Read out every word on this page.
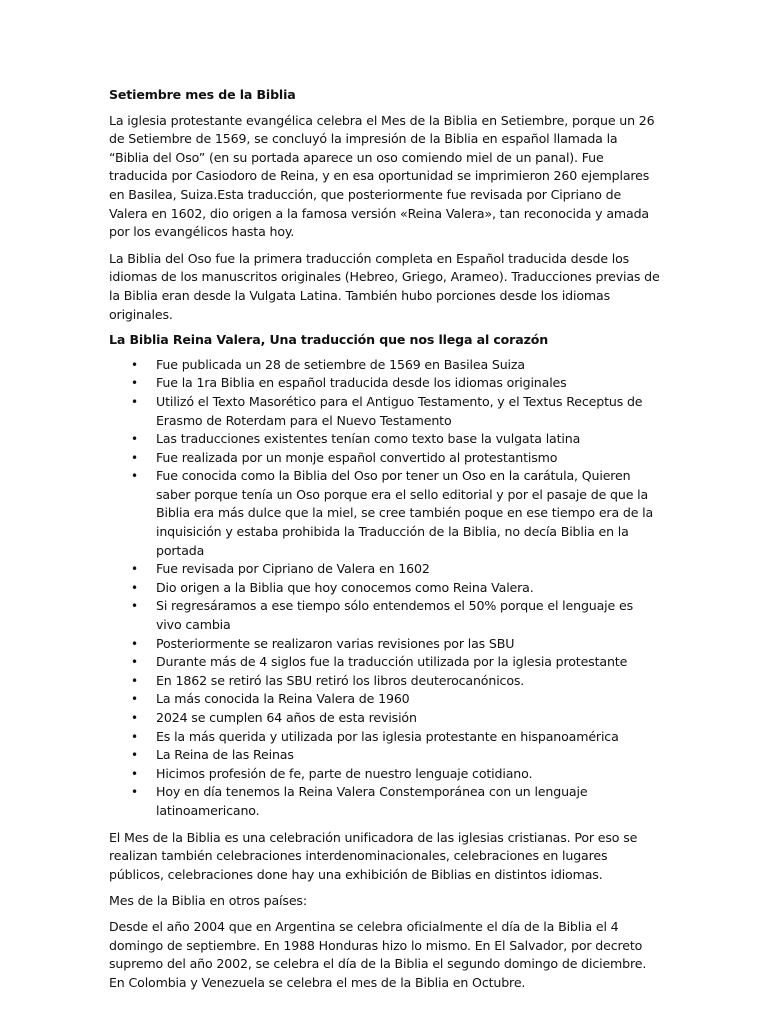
Setiembre mes de la Biblia

La iglesia protestante evangélica celebra el Mes de la Biblia en Setiembre, porque un 26 de Setiembre de 1569, se concluyó la impresión de la Biblia en español llamada la “Biblia del Oso” (en su portada aparece un oso comiendo miel de un panal). Fue traducida por Casiodoro de Reina, y en esa oportunidad se imprimieron 260 ejemplares en Basilea, Suiza.Esta traducción, que posteriormente fue revisada por Cipriano de Valera en 1602, dio origen a la famosa versión «Reina Valera», tan reconocida y amada por los evangélicos hasta hoy.

La Biblia del Oso fue la primera traducción completa en Español traducida desde los idiomas de los manuscritos originales (Hebreo, Griego, Arameo). Traducciones previas de la Biblia eran desde la Vulgata Latina. También hubo porciones desde los idiomas originales.

La Biblia Reina Valera, Una traducción que nos llega al corazón

• Fue publicada un 28 de setiembre de 1569 en Basilea Suiza
• Fue la 1ra Biblia en español traducida desde los idiomas originales
• Utilizó el Texto Masorético para el Antiguo Testamento, y el Textus Receptus de Erasmo de Roterdam para el Nuevo Testamento
• Las traducciones existentes tenían como texto base la vulgata latina
• Fue realizada por un monje español convertido al protestantismo
• Fue conocida como la Biblia del Oso por tener un Oso en la carátula, Quieren saber porque tenía un Oso porque era el sello editorial y por el pasaje de que la Biblia era más dulce que la miel, se cree también poque en ese tiempo era de la inquisición y estaba prohibida la Traducción de la Biblia, no decía Biblia en la portada
• Fue revisada por Cipriano de Valera en 1602
• Dio origen a la Biblia que hoy conocemos como Reina Valera.
• Si regresáramos a ese tiempo sólo entendemos el 50% porque el lenguaje es vivo cambia
• Posteriormente se realizaron varias revisiones por las SBU
• Durante más de 4 siglos fue la traducción utilizada por la iglesia protestante
• En 1862 se retiró las SBU retiró los libros deuterocanónicos.
• La más conocida la Reina Valera de 1960
• 2024 se cumplen 64 años de esta revisión
• Es la más querida y utilizada por las iglesia protestante en hispanoamérica
• La Reina de las Reinas
• Hicimos profesión de fe, parte de nuestro lenguaje cotidiano.
• Hoy en día tenemos la Reina Valera Constemporánea con un lenguaje latinoamericano.

El Mes de la Biblia es una celebración unificadora de las iglesias cristianas. Por eso se realizan también celebraciones interdenominacionales, celebraciones en lugares públicos, celebraciones done hay una exhibición de Biblias en distintos idiomas.

Mes de la Biblia en otros países:

Desde el año 2004 que en Argentina se celebra oficialmente el día de la Biblia el 4 domingo de septiembre. En 1988 Honduras hizo lo mismo. En El Salvador, por decreto supremo del año 2002, se celebra el día de la Biblia el segundo domingo de diciembre. En Colombia y Venezuela se celebra el mes de la Biblia en Octubre.
